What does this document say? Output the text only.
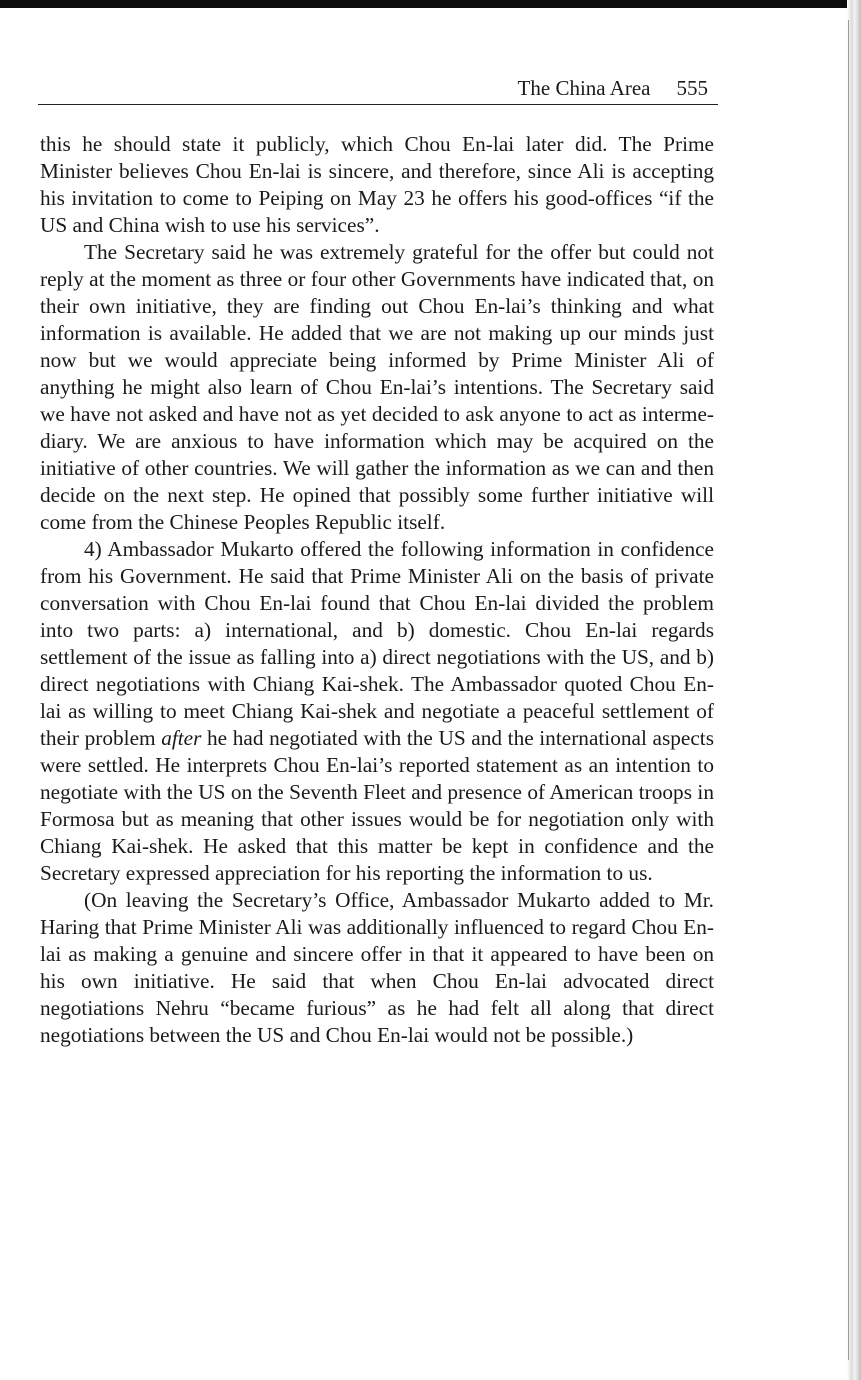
The China Area 555

this he should state it publicly, which Chou En-lai later did. The Prime Minister believes Chou En-lai is sincere, and therefore, since Ali is accepting his invitation to come to Peiping on May 23 he offers his good-offices “if the US and China wish to use his services”.

The Secretary said he was extremely grateful for the offer but could not reply at the moment as three or four other Governments have indicated that, on their own initiative, they are finding out Chou En-lai’s thinking and what information is available. He added that we are not making up our minds just now but we would appreciate being informed by Prime Minister Ali of anything he might also learn of Chou En-lai’s intentions. The Secretary said we have not asked and have not as yet decided to ask anyone to act as intermediary. We are anxious to have information which may be acquired on the initiative of other countries. We will gather the information as we can and then decide on the next step. He opined that possibly some further initiative will come from the Chinese Peoples Republic itself.

4) Ambassador Mukarto offered the following information in confidence from his Government. He said that Prime Minister Ali on the basis of private conversation with Chou En-lai found that Chou En-lai divided the problem into two parts: a) international, and b) domestic. Chou En-lai regards settlement of the issue as falling into a) direct negotiations with the US, and b) direct negotiations with Chiang Kai-shek. The Ambassador quoted Chou En-lai as willing to meet Chiang Kai-shek and negotiate a peaceful settlement of their problem after he had negotiated with the US and the international aspects were settled. He interprets Chou En-lai’s reported statement as an intention to negotiate with the US on the Seventh Fleet and presence of American troops in Formosa but as meaning that other issues would be for negotiation only with Chiang Kai-shek. He asked that this matter be kept in confidence and the Secretary expressed appreciation for his reporting the information to us.

(On leaving the Secretary’s Office, Ambassador Mukarto added to Mr. Haring that Prime Minister Ali was additionally influenced to regard Chou En-lai as making a genuine and sincere offer in that it appeared to have been on his own initiative. He said that when Chou En-lai advocated direct negotiations Nehru “became furious” as he had felt all along that direct negotiations between the US and Chou En-lai would not be possible.)
